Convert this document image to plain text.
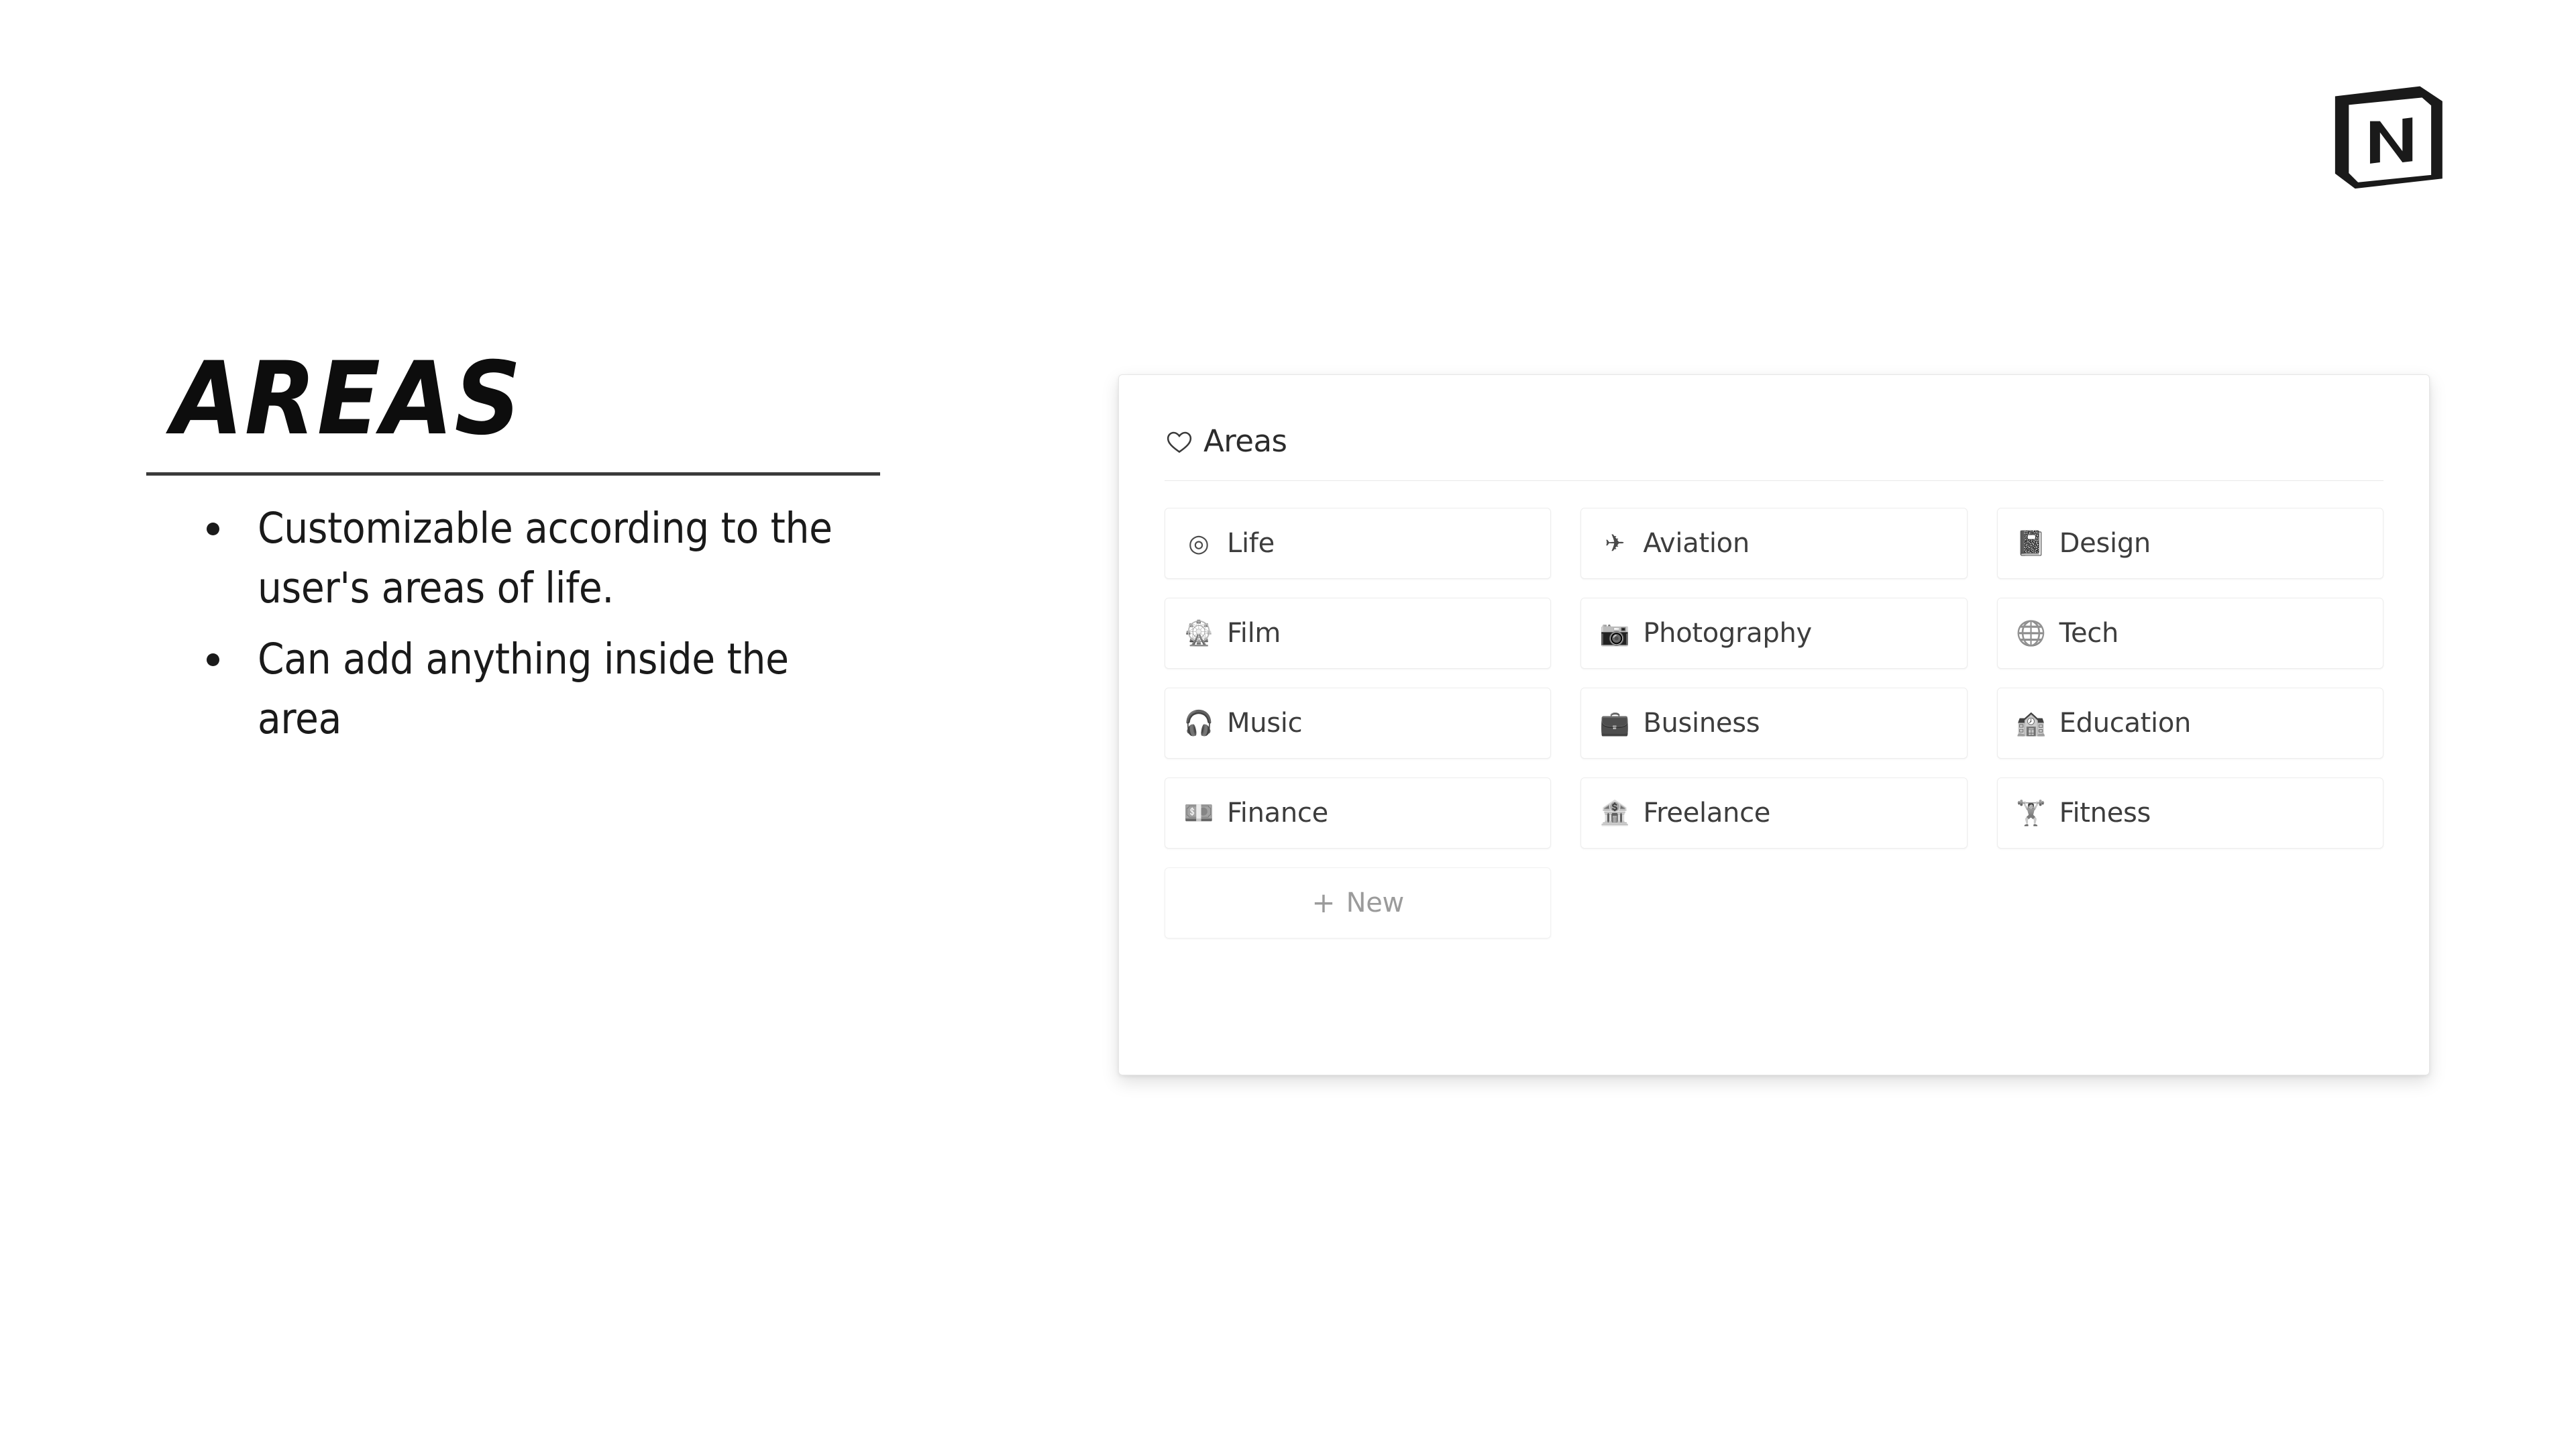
AREAS
Customizable according to the user's areas of life.
Can add anything inside the area
Areas
◎ Life	✈ Aviation	📓 Design
🎡 Film	📷 Photography	🌐 Tech
🎧 Music	💼 Business	🏫 Education
💵 Finance	🏦 Freelance	🏋 Fitness
+ New
